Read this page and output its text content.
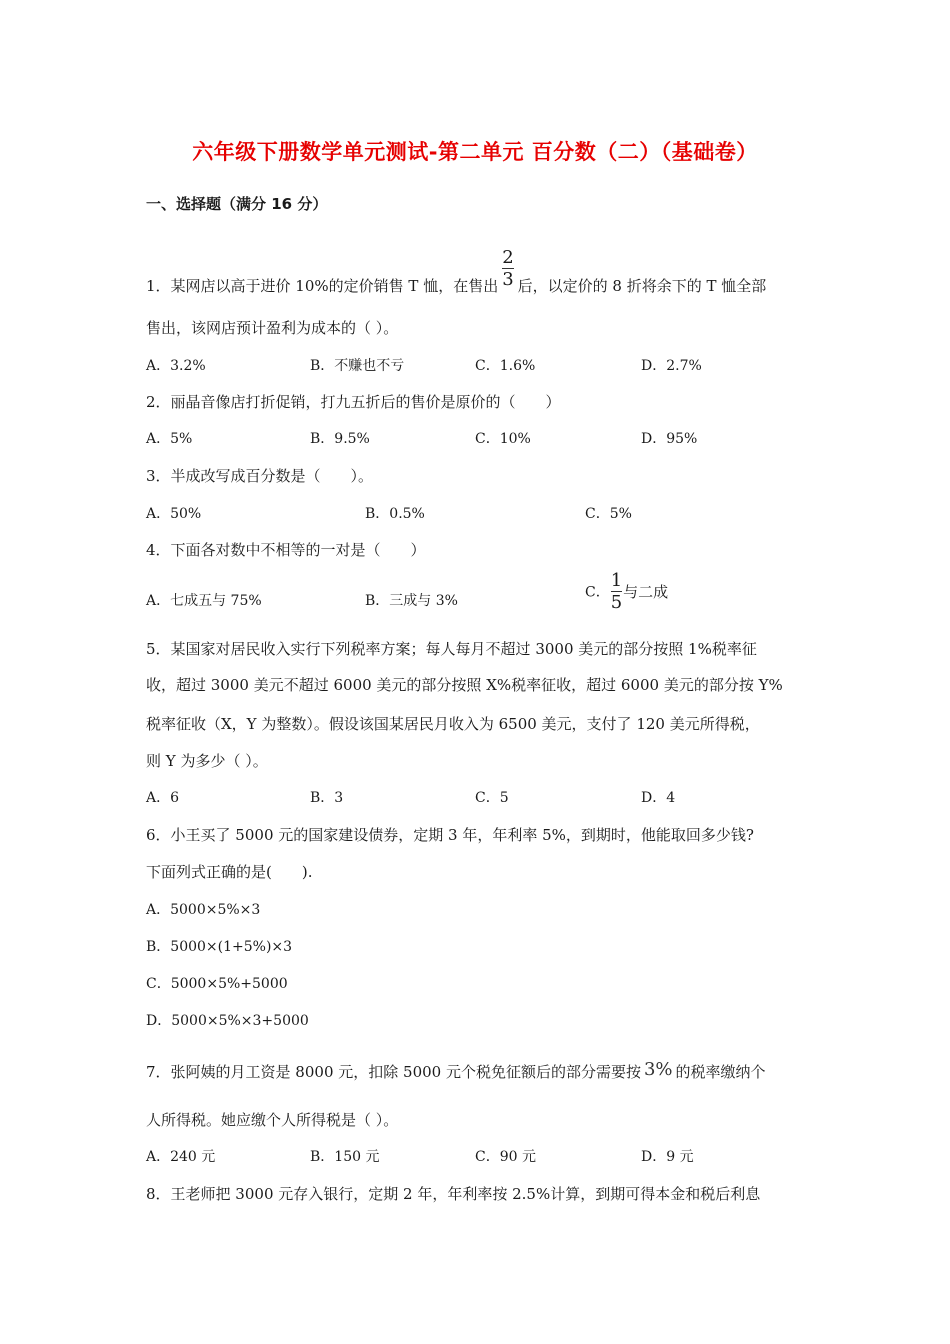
六年级下册数学单元测试-第二单元 百分数（二）（基础卷）
一、选择题（满分 16 分）
1．某网店以高于进价 10%的定价销售 T 恤，在售出 $\frac{2}{3}$ 后，以定价的 8 折将余下的 T 恤全部
售出，该网店预计盈利为成本的（ ）。
A．3.2%	B．不赚也不亏	C．1.6%	D．2.7%
2．丽晶音像店打折促销，打九五折后的售价是原价的（　　）
A．5%	B．9.5%	C．10%	D．95%
3．半成改写成百分数是（　　）。
A．50%	B．0.5%	C．5%
4．下面各对数中不相等的一对是（　　）
A．七成五与 75%	B．三成与 3%
C． $\frac{1}{5}$ 与二成
5．某国家对居民收入实行下列税率方案；每人每月不超过 3000 美元的部分按照 1%税率征
收，超过 3000 美元不超过 6000 美元的部分按照 X%税率征收，超过 6000 美元的部分按 Y%
税率征收（X，Y 为整数）。假设该国某居民月收入为 6500 美元，支付了 120 美元所得税，
则 Y 为多少（ ）。
A．6	B．3	C．5	D．4
6．小王买了 5000 元的国家建设债券，定期 3 年，年利率 5%，到期时，他能取回多少钱?
下面列式正确的是(　　).
A．5000×5%×3
B．5000×(1+5%)×3
C．5000×5%+5000
D．5000×5%×3+5000
7．张阿姨的月工资是 8000 元，扣除 5000 元个税免征额后的部分需要按 3% 的税率缴纳个
人所得税。她应缴个人所得税是（ ）。
A．240 元	B．150 元	C．90 元	D．9 元
8．王老师把 3000 元存入银行，定期 2 年，年利率按 2.5%计算，到期可得本金和税后利息
